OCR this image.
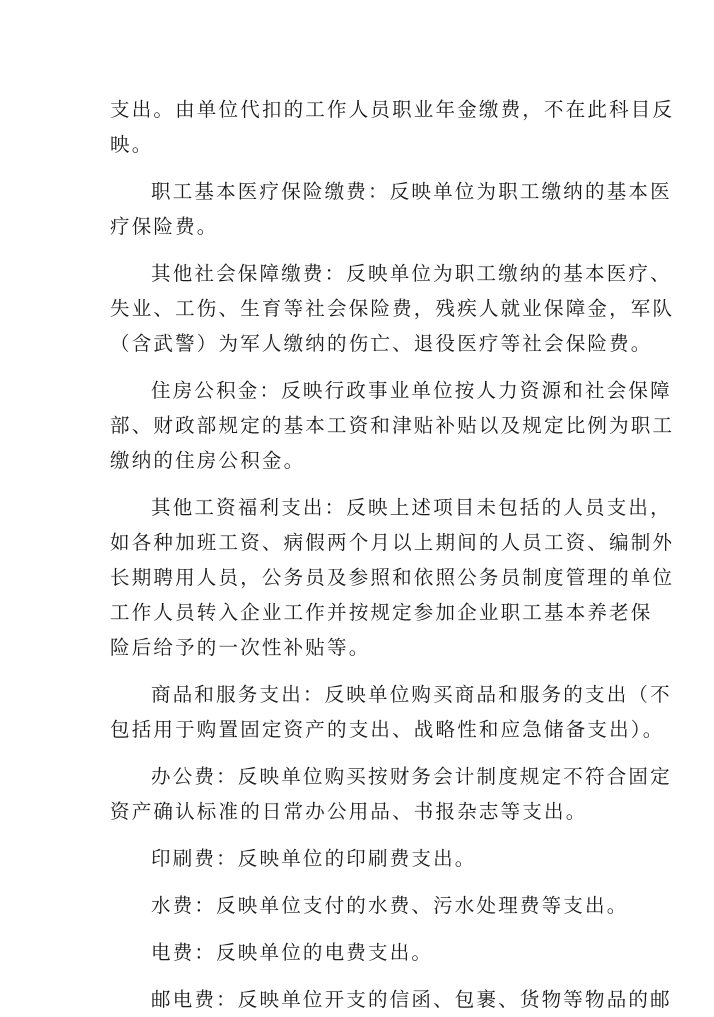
支出。由单位代扣的工作人员职业年金缴费，不在此科目反
映。
职工基本医疗保险缴费：反映单位为职工缴纳的基本医
疗保险费。
其他社会保障缴费：反映单位为职工缴纳的基本医疗、
失业、工伤、生育等社会保险费，残疾人就业保障金，军队
（含武警）为军人缴纳的伤亡、退役医疗等社会保险费。
住房公积金：反映行政事业单位按人力资源和社会保障
部、财政部规定的基本工资和津贴补贴以及规定比例为职工
缴纳的住房公积金。
其他工资福利支出：反映上述项目未包括的人员支出，
如各种加班工资、病假两个月以上期间的人员工资、编制外
长期聘用人员，公务员及参照和依照公务员制度管理的单位
工作人员转入企业工作并按规定参加企业职工基本养老保
险后给予的一次性补贴等。
商品和服务支出：反映单位购买商品和服务的支出（不
包括用于购置固定资产的支出、战略性和应急储备支出）。
办公费：反映单位购买按财务会计制度规定不符合固定
资产确认标准的日常办公用品、书报杂志等支出。
印刷费：反映单位的印刷费支出。
水费：反映单位支付的水费、污水处理费等支出。
电费：反映单位的电费支出。
邮电费：反映单位开支的信函、包裹、货物等物品的邮
